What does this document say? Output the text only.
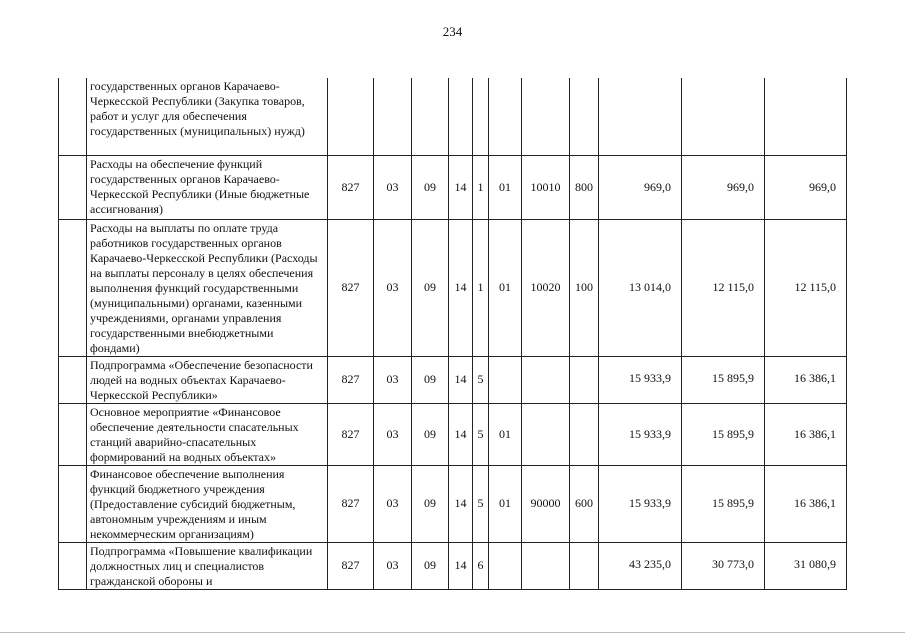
234
	государственных органов Карачаево-Черкесской Республики (Закупка товаров, работ и услуг для обеспечения государственных (муниципальных) нужд)											
	Расходы на обеспечение функций государственных органов Карачаево-Черкесской Республики (Иные бюджетные ассигнования)	827	03	09	14	1	01	10010	800	969,0	969,0	969,0
	Расходы на выплаты по оплате труда работников государственных органов Карачаево-Черкесской Республики (Расходы на выплаты персоналу в целях обеспечения выполнения функций государственными (муниципальными) органами, казенными учреждениями, органами управления государственными внебюджетными фондами)	827	03	09	14	1	01	10020	100	13 014,0	12 115,0	12 115,0
	Подпрограмма «Обеспечение безопасности людей на водных объектах Карачаево-Черкесской Республики»	827	03	09	14	5				15 933,9	15 895,9	16 386,1
	Основное мероприятие «Финансовое обеспечение деятельности спасательных станций аварийно-спасательных формирований на водных объектах»	827	03	09	14	5	01			15 933,9	15 895,9	16 386,1
	Финансовое обеспечение выполнения функций бюджетного учреждения (Предоставление субсидий бюджетным, автономным учреждениям и иным некоммерческим организациям)	827	03	09	14	5	01	90000	600	15 933,9	15 895,9	16 386,1
	Подпрограмма «Повышение квалификации должностных лиц и специалистов гражданской обороны и	827	03	09	14	6				43 235,0	30 773,0	31 080,9
